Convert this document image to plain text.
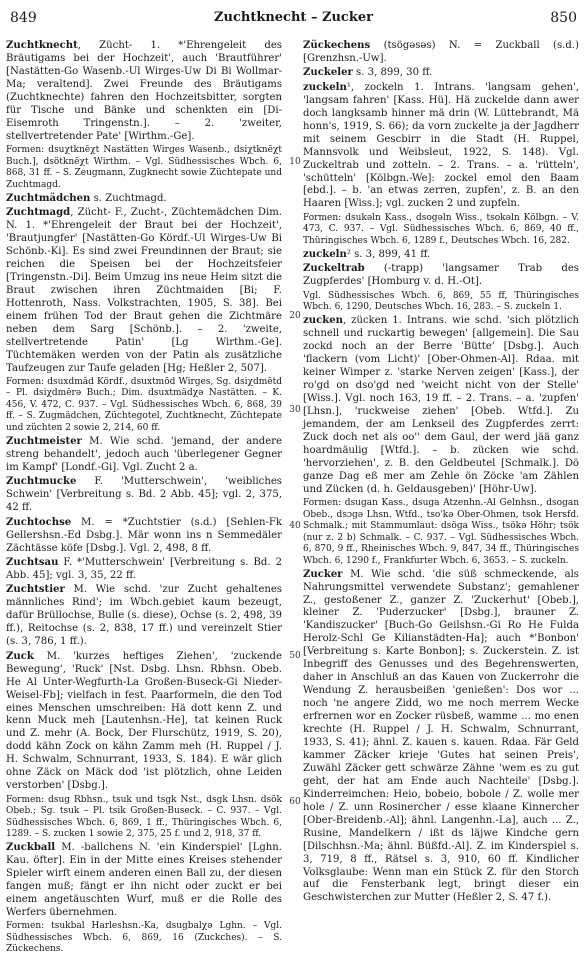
849	Zuchtknecht – Zucker	850

Zuchtknecht, Zücht- 1. *'Ehrengeleit des Bräutigams bei der Hochzeit', auch 'Brautführer' [Nastätten-Go Wasenb.-Ul Wirges-Uw Di Bi Wollmar-Ma; veraltend]. Zwei Freunde des Bräutigams (Zuchtknechte) fahren den Hochzeitsbitter, sorgten für Tische und Bänke und schenkten ein [Di-Eisemroth Tringenstn.]. – 2. 'zweiter, stellvertretender Pate' [Wirthm.-Ge].

Formen: dsuχtknēχt Nastätten Wirges Wasenb., dsiχtknēχt Buch.], dsötknēχt Wirthm. – Vgl. Südhessisches Wbch. 6, 868, 31 ff. – S. Zeugmann, Zugknecht sowie Züchtepate und Zuchtmagd.

Zuchtmädchen s. Zuchtmagd.

Zuchtmagd, Zücht- F., Zucht-, Züchtemädchen Dim. N. 1. *'Ehrengeleit der Braut bei der Hochzeit', 'Brautjungfer' [Nastätten-Go Kördf.-Ul Wirges-Uw Bi Schönb.-Ki]. Es sind zwei Freundinnen der Braut; sie reichen die Speisen bei der Hochzeitsfeier [Tringenstn.-Di]. Beim Umzug ins neue Heim sitzt die Braut zwischen ihren Züchtmaiden [Bi; F. Hottenroth, Nass. Volkstrachten, 1905, S. 38]. Bei einem frühen Tod der Braut gehen die Zichtmäre neben dem Sarg [Schönb.]. – 2. 'zweite, stellvertretende Patin' [Lg Wirthm.-Ge]. Tüchtemäken werden von der Patin als zusätzliche Taufzeugen zur Taufe geladen [Hg; Heßler 2, 507].

Formen: dsuxdmād Kördf., dsuxtmōd Wirges, Sg. dsiχdmētd – Pl. dsiχdmērə Buch.; Dim. dsuxtmädχə Nastätten. – K. 456, V. 472, C. 937. – Vgl. Südhessisches Wbch. 6, 868, 39 ff. – S. Zugmädchen, Züchtegotel, Zuchtknecht, Züchtepate und züchten 2 sowie 2, 214, 60 ff.

Zuchtmeister M. Wie schd. 'jemand, der andere streng behandelt', jedoch auch 'überlegener Gegner im Kampf' [Londf.-Gi]. Vgl. Zucht 2 a.

Zuchtmucke F. 'Mutterschwein', 'weibliches Schwein' [Verbreitung s. Bd. 2 Abb. 45]; vgl. 2, 375, 42 ff.

Zuchtochse M. = *Zuchtstier (s.d.) [Sehlen-Fk Gellershsn.-Ed Dsbg.]. Mär wonn ins n Semmedäler Zächtässe köfe [Dsbg.]. Vgl. 2, 498, 8 ff.

Zuchtsau F. *'Mutterschwein' [Verbreitung s. Bd. 2 Abb. 45]; vgl. 3, 35, 22 ff.

Zuchtstier M. Wie schd. 'zur Zucht gehaltenes männliches Rind'; im Wbch.gebiet kaum bezeugt, dafür Brüllochse, Bulle (s. diese), Ochse (s. 2, 498, 39 ff.), Reitochse (s. 2, 838, 17 ff.) und vereinzelt Stier (s. 3, 786, 1 ff.).

Zuck M. 'kurzes heftiges Ziehen', 'zuckende Bewegung', 'Ruck' [Nst. Dsbg. Lhsn. Rbhsn. Obeb. He Al Unter-Wegfurth-La Großen-Buseck-Gi Nieder-Weisel-Fb]; vielfach in fest. Paarformeln, die den Tod eines Menschen umschreiben: Hä dott kenn Z. und kenn Muck meh [Lautenhsn.-He], tat keinen Ruck und Z. mehr (A. Bock, Der Flurschütz, 1919, S. 20), dodd kähn Zock on kähn Zamm meh (H. Ruppel / J. H. Schwalm, Schnurrant, 1933, S. 184). E wär glich ohne Zäck on Mäck dod 'ist plötzlich, ohne Leiden verstorben' [Dsbg.].

Formen: dsug Rbhsn., tsuk und tsgk Nst., dsgk Lhsn. dsök Obeb.; Sg. tsuk – Pl. tsik Großen-Buseck. – C. 937. – Vgl. Südhessisches Wbch. 6, 869, 1 ff., Thüringisches Wbch. 6, 1289. – S. zucken 1 sowie 2, 375, 25 f. und 2, 918, 37 ff.

Zuckball M. -ballchens N. 'ein Kinderspiel' [Lghn. Kau. öfter]. Ein in der Mitte eines Kreises stehender Spieler wirft einem anderen einen Ball zu, der diesen fangen muß; fängt er ihn nicht oder zuckt er bei einem angetäuschten Wurf, muß er die Rolle des Werfers übernehmen.

Formen: tsukbal Harleshsn.-Ka, dsugbalχə Lghn. – Vgl. Südhessisches Wbch. 6, 869, 16 (Zuckches). – S. Zückechens.

Zückechens (tsögəsəs) N. = Zuckball (s.d.) [Grenzhsn.-Uw].

Zuckeler s. 3, 899, 30 ff.

zuckeln¹, zockeln 1. Intrans. 'langsam gehen', 'langsam fahren' [Kass. Hü]. Hä zuckelde dann awer doch langksamb hinner mä drin (W. Lüttebrandt, Mä honn's, 1919, S. 66); da vorn zuckelte ja der Jagdherr mit seinem Gescbirr in die Stadt (H. Ruppel, Mannsvolk und Weibsleut, 1922, S. 148). Vgl. Zuckeltrab und zotteln. – 2. Trans. – a. 'rütteln', 'schütteln' [Kölbgn.-We]: zockel emol den Baam [ebd.]. – b. 'an etwas zerren, zupfen', z. B. an den Haaren [Wiss.]; vgl. zucken 2 und zupfeln.

Formen: dsukəln Kass., dsogəln Wiss., tsokəln Kölbgn. – V. 473, C. 937. – Vgl. Südhessisches Wbch. 6, 869, 40 ff., Thüringisches Wbch. 6, 1289 f., Deutsches Wbch. 16, 282.

zuckeln² s. 3, 899, 41 ff.

Zuckeltrab (-trapp) 'langsamer Trab des Zugpferdes' [Homburg v. d. H.-Ot].

Vgl. Südhessisches Wbch. 6, 869, 55 ff, Thüringisches Wbch. 6, 1290, Deutsches Wbch. 16, 283. – S. zuckeln 1.

zucken, zücken 1. Intrans. wie schd. 'sich plötzlich schnell und ruckartig bewegen' [allgemein]. Die Sau zockd noch an der Berre 'Bütte' [Dsbg.]. Auch 'flackern (vom Licht)' [Ober-Ohmen-Al]. Rdaa. mit keiner Wimper z. 'starke Nerven zeigen' [Kass.], der ro'gd on dso'gd ned 'weicht nicht von der Stelle' [Wiss.]. Vgl. noch 163, 19 ff. – 2. Trans. – a. 'zupfen' [Lhsn.], 'ruckweise ziehen' [Obeb. Wtfd.]. Zu jemandem, der am Lenkseil des Zugpferdes zerrt: Zuck doch net als oo'' dem Gaul, der werd jää ganz hoardmäulig [Wtfd.]. – b. zücken wie schd. 'hervorziehen', z. B. den Geldbeutel [Schmalk.]. Dö ganze Dag eß mer am Zehle ön Zöcke 'am Zählen und Zücken (d. h. Geldausgeben)' [Höhr-Uw].

Formen: dsugan Kass., dsuga Atzenhn.-Al Gelnhsn., dsogan Obeb., dsɔgə Lhsn. Wtfd., tso'kə Ober-Ohmen, tsok Hersfd. Schmalk.; mit Stammumlaut: dsöga Wiss., tsökə Höhr; tsök (nur z. 2 b) Schmalk. – C. 937. – Vgl. Südhessisches Wbch. 6, 870, 9 ff., Rheinisches Wbch. 9, 847, 34 ff., Thüringisches Wbch. 6, 1290 f., Frankfurter Wbch. 6, 3653. – S. zuckeln.

Zucker M. Wie schd. 'die süß schmeckende, als Nahrungsmittel verwendete Substanz'; gemahlener Z., gestoßener Z., ganzer Z. 'Zuckerhut' [Obeb.], kleiner Z. 'Puderzucker' [Dsbg.], brauner Z. 'Kandiszucker' [Buch-Go Geilshsn.-Gi Ro He Fulda Herolz-Schl Ge Kilianstädten-Ha]; auch *'Bonbon' [Verbreitung s. Karte Bonbon]; s. Zuckerstein. Z. ist Inbegriff des Genusses und des Begehrenswerten, daher in Anschluß an das Kauen von Zuckerrohr die Wendung Z. herausbeißen 'genießen': Dos wor ... noch 'ne angere Zidd, wo me noch merrem Wecke erfrernen wor en Zocker rüsbeß, wamme ... mo enen krechte (H. Ruppel / J. H. Schwalm, Schnurrant, 1933, S. 41); ähnl. Z. kauen s. kauen. Rdaa. Fär Geld kammer Zäcker krieje 'Gutes hat seinen Preis', Zuwähl Zäcker gett schwärze Zähne 'wem es zu gut geht, der hat am Ende auch Nachteile' [Dsbg.]. Kinderreimchen: Heio, bobeio, bobole / Z. wolle mer hole / Z. unn Rosinercher / esse klaane Kinnercher [Ober-Breidenb.-Al]; ähnl. Langenhn.-La], auch ... Z., Rusine, Mandelkern / ißt ds läjwe Kindche gern [Dilschhsn.-Ma; ähnl. Büßfd.-Al]. Z. im Kinderspiel s. 3, 719, 8 ff., Rätsel s. 3, 910, 60 ff. Kindlicher Volksglaube: Wenn man ein Stück Z. für den Storch auf die Fensterbank legt, bringt dieser ein Geschwisterchen zur Mutter (Heßler 2, S. 47 f.).

10
20
30
40
50
60
